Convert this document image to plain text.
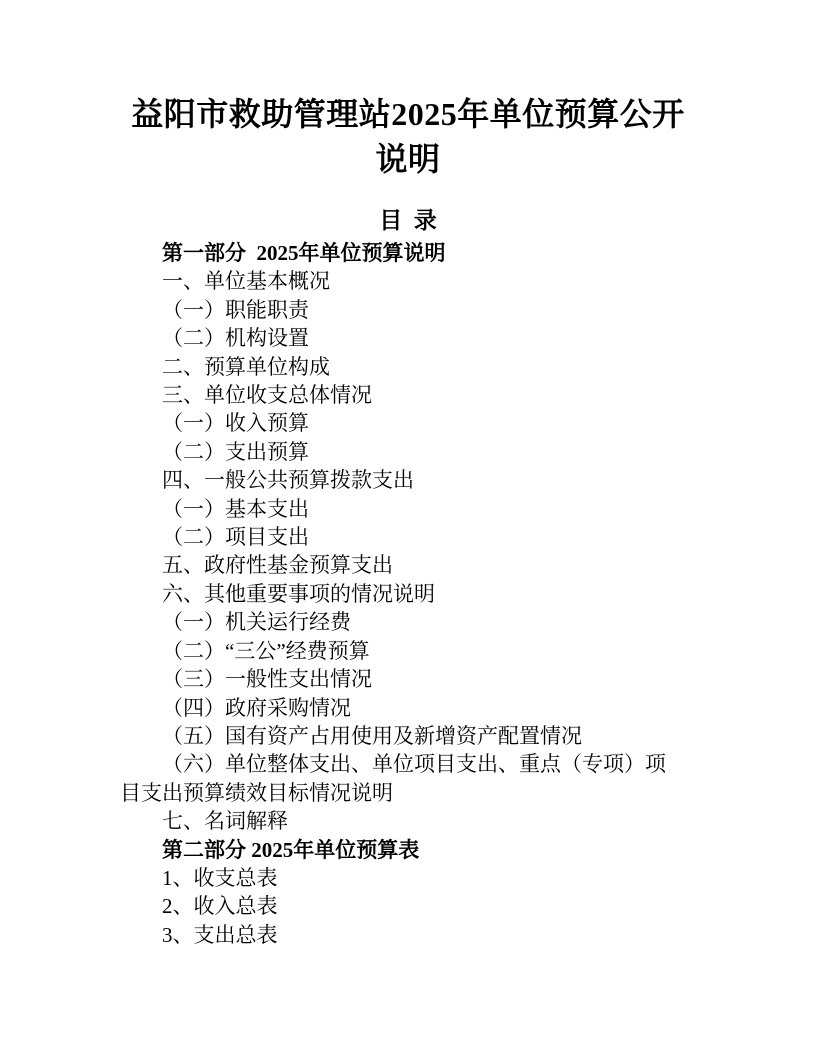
益阳市救助管理站2025年单位预算公开
说明
目  录

第一部分  2025年单位预算说明

一、单位基本概况

（一）职能职责

（二）机构设置

二、预算单位构成

三、单位收支总体情况

（一）收入预算

（二）支出预算

四、一般公共预算拨款支出

（一）基本支出

（二）项目支出

五、政府性基金预算支出

六、其他重要事项的情况说明

（一）机关运行经费

（二）“三公”经费预算

（三）一般性支出情况

（四）政府采购情况

（五）国有资产占用使用及新增资产配置情况

（六）单位整体支出、单位项目支出、重点（专项）项目支出预算绩效目标情况说明

七、名词解释

第二部分 2025年单位预算表

1、收支总表

2、收入总表

3、支出总表
